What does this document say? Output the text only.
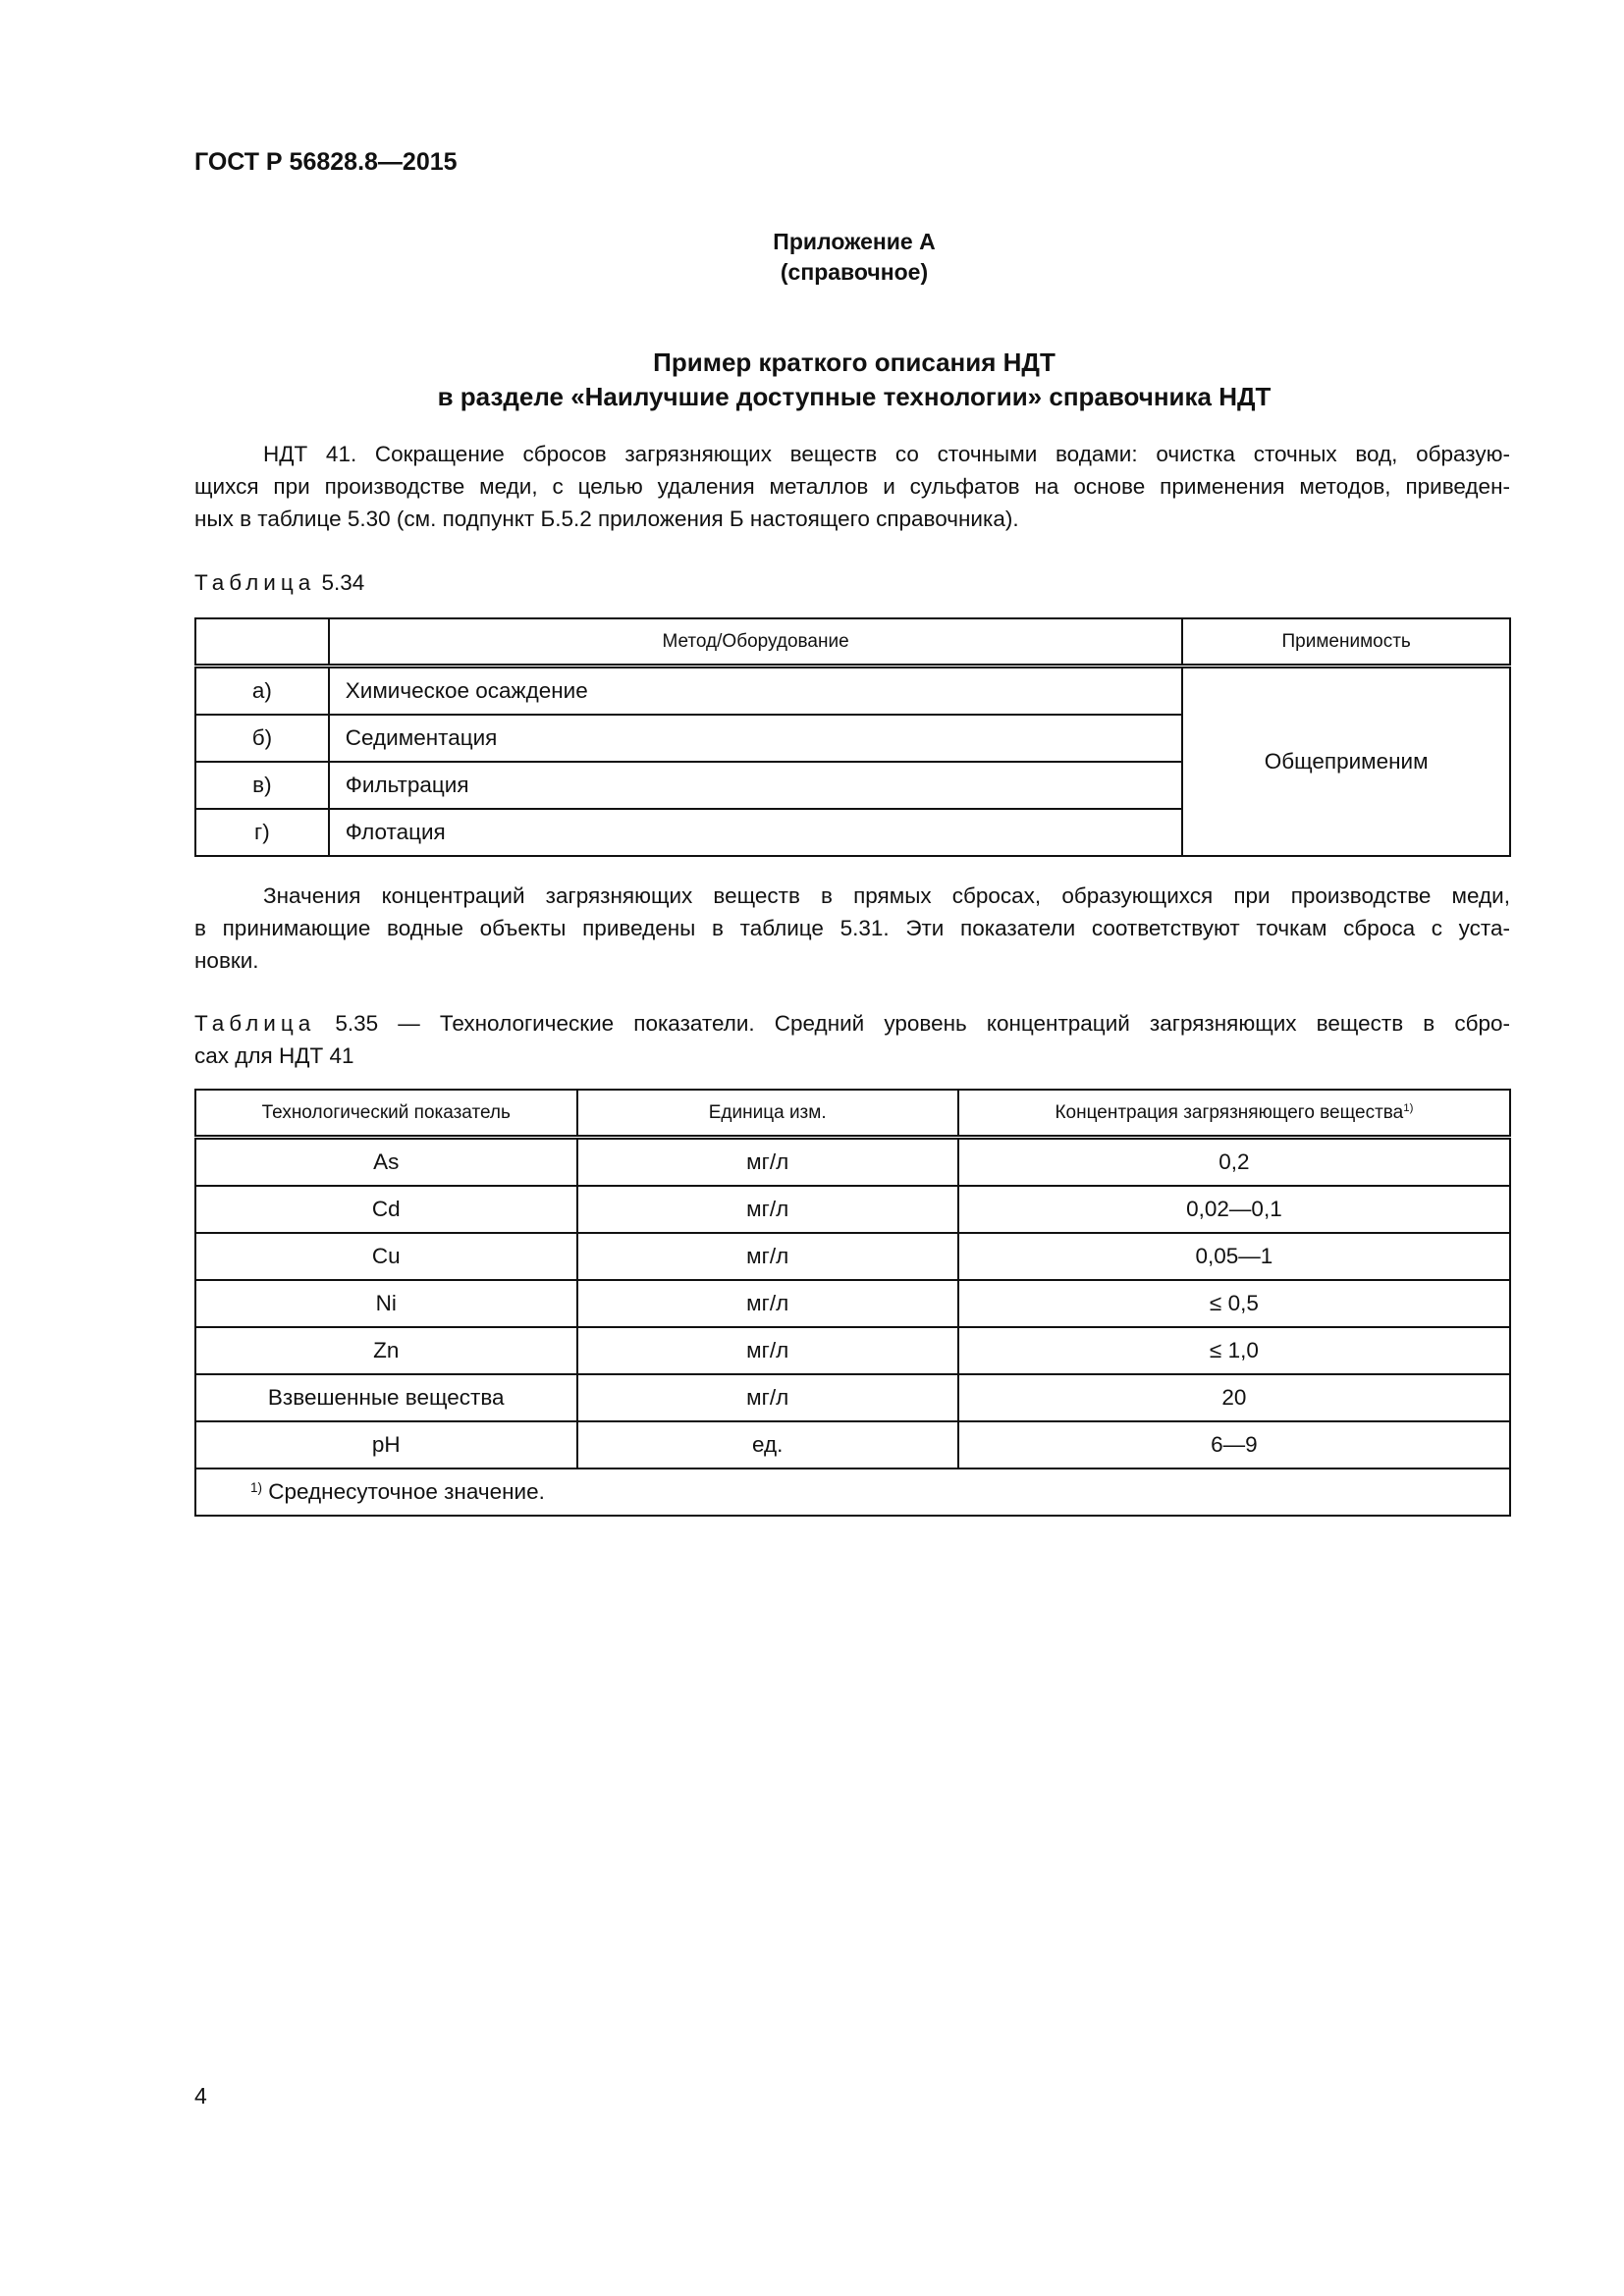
ГОСТ Р 56828.8—2015
Приложение А
(справочное)
Пример краткого описания НДТ
в разделе «Наилучшие доступные технологии» справочника НДТ
НДТ 41. Сокращение сбросов загрязняющих веществ со сточными водами: очистка сточных вод, образую-
щихся при производстве меди, с целью удаления металлов и сульфатов на основе применения методов, приведен-
ных в таблице 5.30 (см. подпункт Б.5.2 приложения Б настоящего справочника).
Таблица 5.34
	Метод/Оборудование	Применимость
а)	Химическое осаждение	Общеприменим
б)	Седиментация	
в)	Фильтрация	
г)	Флотация	
Значения концентраций загрязняющих веществ в прямых сбросах, образующихся при производстве меди,
в принимающие водные объекты приведены в таблице 5.31. Эти показатели соответствуют точкам сброса с уста-
новки.
Таблица 5.35 — Технологические показатели. Средний уровень концентраций загрязняющих веществ в сбро-
сах для НДТ 41
Технологический показатель	Единица изм.	Концентрация загрязняющего вещества$^{1)}$
As	мг/л	0,2
Cd	мг/л	0,02—0,1
Cu	мг/л	0,05—1
Ni	мг/л	≤ 0,5
Zn	мг/л	≤ 1,0
Взвешенные вещества	мг/л	20
pH	ед.	6—9
$^{1)}$ Среднесуточное значение.		
4
